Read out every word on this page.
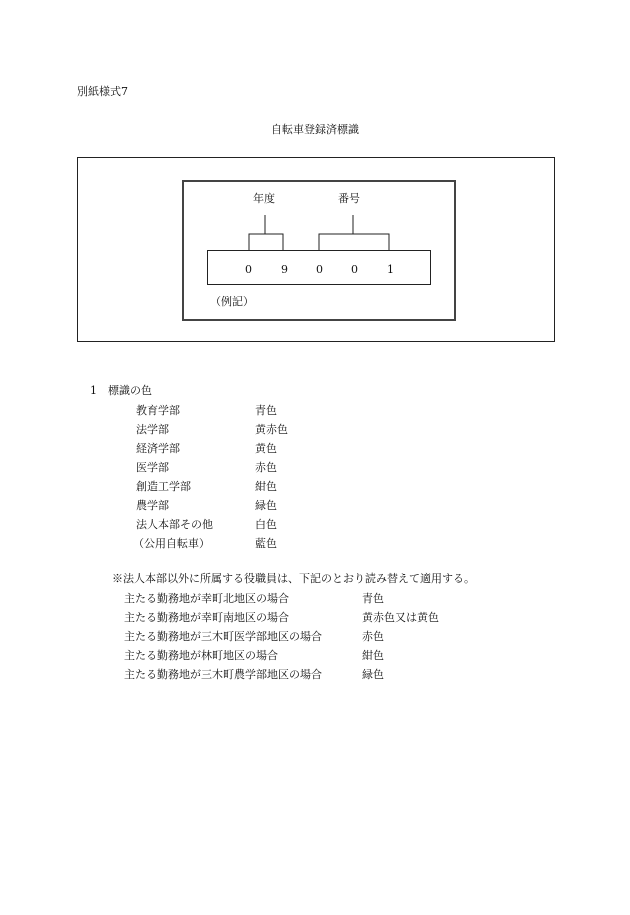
別紙様式7
自転車登録済標識
年度	番号
0	9	0	0	1
（例記）
1　標識の色
教育学部	青色
法学部	黄赤色
経済学部	黄色
医学部	赤色
創造工学部	紺色
農学部	緑色
法人本部その他	白色
（公用自転車）	藍色
※法人本部以外に所属する役職員は、下記のとおり読み替えて適用する。
主たる勤務地が幸町北地区の場合	青色
主たる勤務地が幸町南地区の場合	黄赤色又は黄色
主たる勤務地が三木町医学部地区の場合	赤色
主たる勤務地が林町地区の場合	紺色
主たる勤務地が三木町農学部地区の場合	緑色
